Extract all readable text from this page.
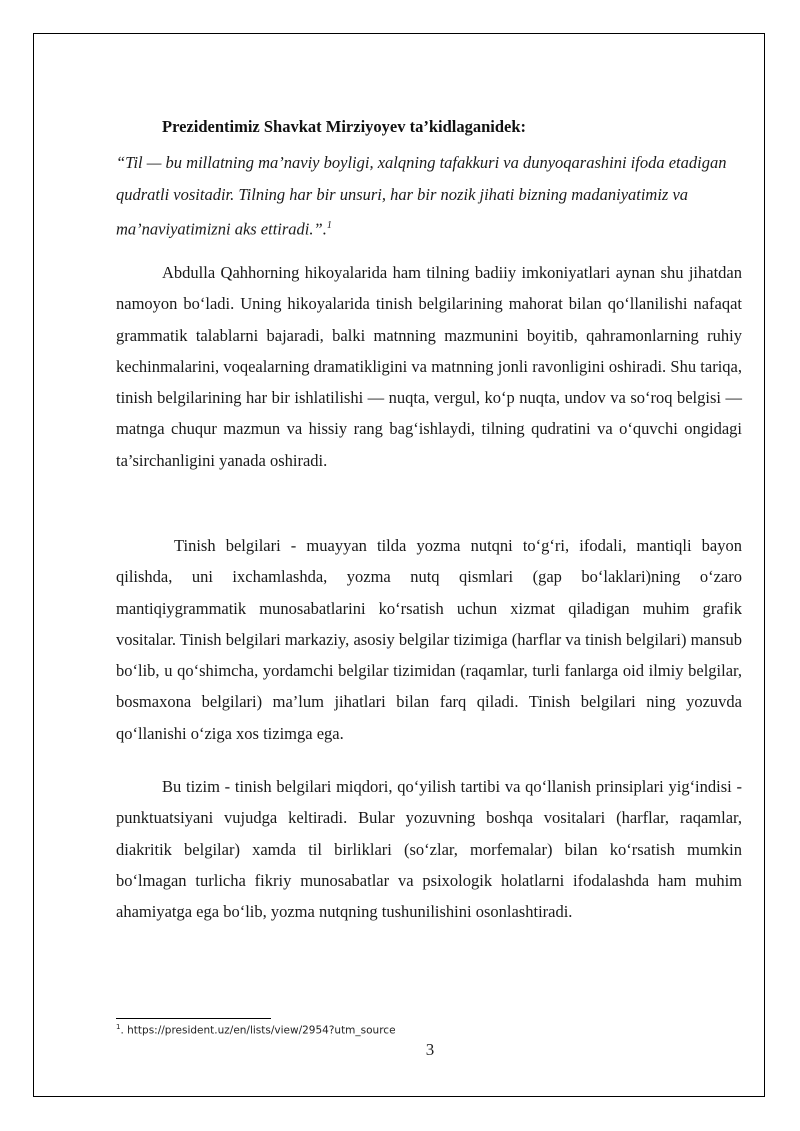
Prezidentimiz Shavkat Mirziyoyev ta’kidlaganidek:
“Til — bu millatning ma’naviy boyligi, xalqning tafakkuri va dunyoqarashini ifoda etadigan qudratli vositadir. Tilning har bir unsuri, har bir nozik jihati bizning madaniyatimiz va ma’naviyatimizni aks ettiradi.”.$^1$
Abdulla Qahhorning hikoyalarida ham tilning badiiy imkoniyatlari aynan shu jihatdan namoyon bo‘ladi. Uning hikoyalarida tinish belgilarining mahorat bilan qo‘llanilishi nafaqat grammatik talablarni bajaradi, balki matnning mazmunini boyitib, qahramonlarning ruhiy kechinmalarini, voqealarning dramatikligini va matnning jonli ravonligini oshiradi. Shu tariqa, tinish belgilarining har bir ishlatilishi — nuqta, vergul, ko‘p nuqta, undov va so‘roq belgisi — matnga chuqur mazmun va hissiy rang bag‘ishlaydi, tilning qudratini va o‘quvchi ongidagi ta’sirchanligini yanada oshiradi.
Tinish belgilari - muayyan tilda yozma nutqni to‘g‘ri, ifodali, mantiqli bayon qilishda, uni ixchamlashda, yozma nutq qismlari (gap bo‘laklari)ning o‘zaro mantiqiygrammatik munosabatlarini ko‘rsatish uchun xizmat qiladigan muhim grafik vositalar. Tinish belgilari markaziy, asosiy belgilar tizimiga (harflar va tinish belgilari) mansub bo‘lib, u qo‘shimcha, yordamchi belgilar tizimidan (raqamlar, turli fanlarga oid ilmiy belgilar, bosmaxona belgilari) ma’lum jihatlari bilan farq qiladi. Tinish belgilari ning yozuvda qo‘llanishi o‘ziga xos tizimga ega.
Bu tizim - tinish belgilari miqdori, qo‘yilish tartibi va qo‘llanish prinsiplari yig‘indisi - punktuatsiyani vujudga keltiradi. Bular yozuvning boshqa vositalari (harflar, raqamlar, diakritik belgilar) xamda til birliklari (so‘zlar, morfemalar) bilan ko‘rsatish mumkin bo‘lmagan turlicha fikriy munosabatlar va psixologik holatlarni ifodalashda ham muhim ahamiyatga ega bo‘lib, yozma nutqning tushunilishini osonlashtiradi.
$^1$. https://president.uz/en/lists/view/2954?utm_source
3
